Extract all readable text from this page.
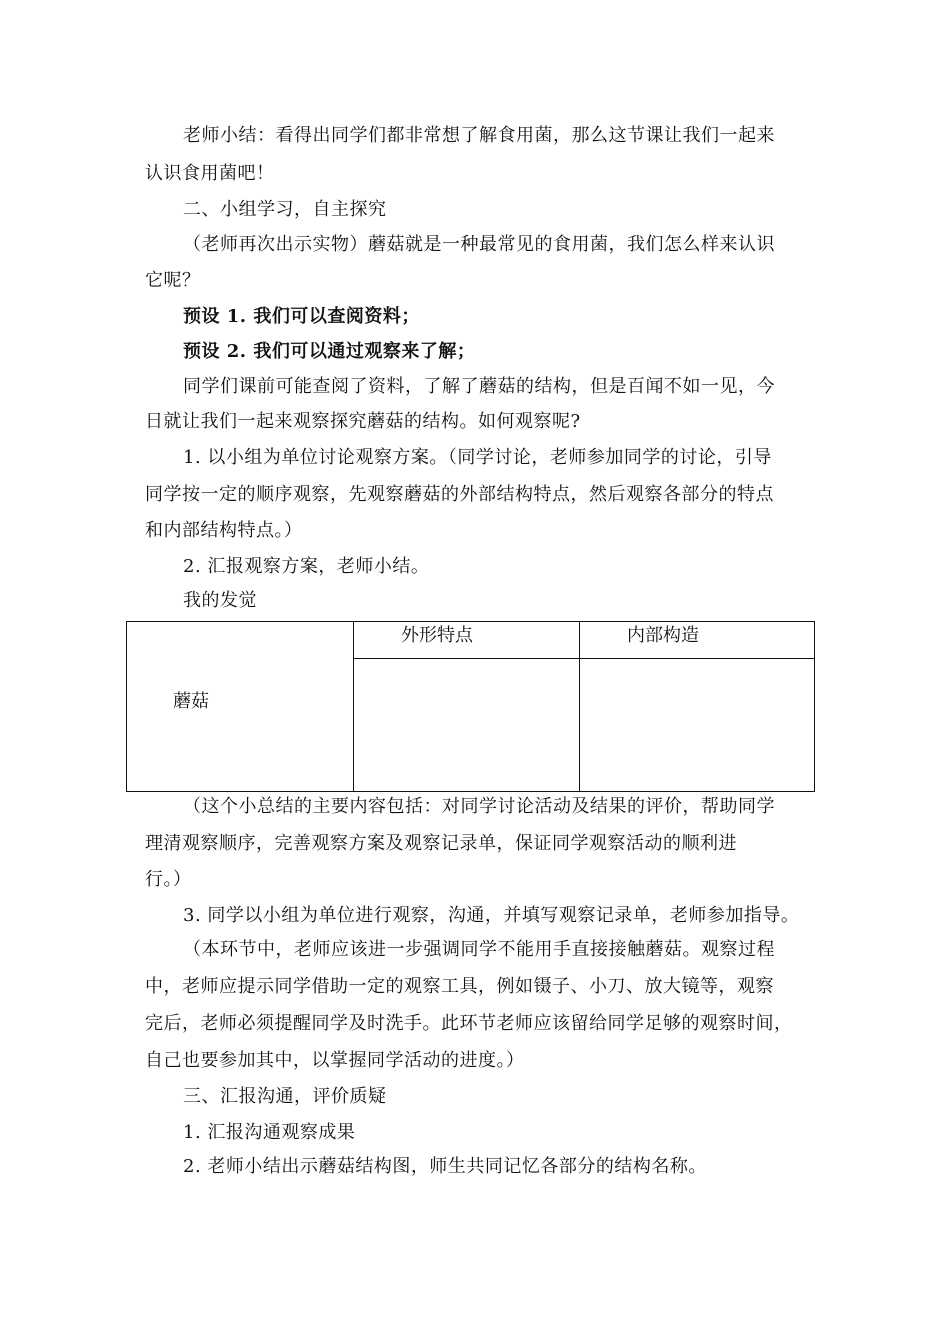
老师小结：看得出同学们都非常想了解食用菌，那么这节课让我们一起来
认识食用菌吧！
二、小组学习，自主探究
（老师再次出示实物）蘑菇就是一种最常见的食用菌，我们怎么样来认识
它呢？
预设 1. 我们可以查阅资料；
预设 2. 我们可以通过观察来了解；
同学们课前可能查阅了资料，了解了蘑菇的结构，但是百闻不如一见，今
日就让我们一起来观察探究蘑菇的结构。如何观察呢?
1. 以小组为单位讨论观察方案。（同学讨论，老师参加同学的讨论，引导
同学按一定的顺序观察，先观察蘑菇的外部结构特点，然后观察各部分的特点
和内部结构特点。）
2. 汇报观察方案，老师小结。
我的发觉
蘑菇
外形特点	内部构造
（这个小总结的主要内容包括：对同学讨论活动及结果的评价，帮助同学
理清观察顺序，完善观察方案及观察记录单，保证同学观察活动的顺利进
行。）
3. 同学以小组为单位进行观察，沟通，并填写观察记录单，老师参加指导。
（本环节中，老师应该进一步强调同学不能用手直接接触蘑菇。观察过程
中，老师应提示同学借助一定的观察工具，例如镊子、小刀、放大镜等，观察
完后，老师必须提醒同学及时洗手。此环节老师应该留给同学足够的观察时间，
自己也要参加其中，以掌握同学活动的进度。）
三、汇报沟通，评价质疑
1. 汇报沟通观察成果
2. 老师小结出示蘑菇结构图，师生共同记忆各部分的结构名称。
